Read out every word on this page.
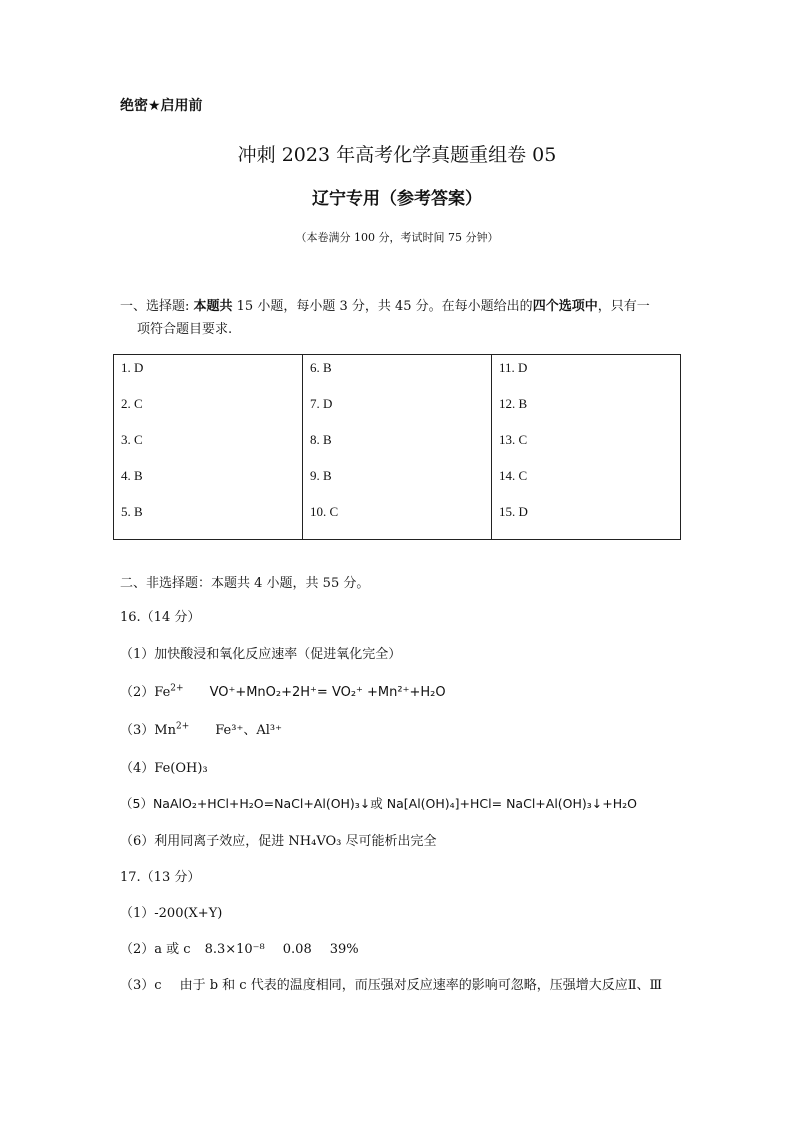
绝密★启用前
冲刺 2023 年高考化学真题重组卷 05
辽宁专用（参考答案）
（本卷满分 100 分，考试时间 75 分钟）
一、选择题: 本题共 15 小题，每小题 3 分，共 45 分。在每小题给出的四个选项中，只有一
项符合题目要求.
1. D
2. C
3. C
4. B
5. B

6. B
7. D
8. B
9. B
10. C

11. D
12. B
13. C
14. C
15. D
二、非选择题：本题共 4 小题，共 55 分。
16.（14 分）
（1）加快酸浸和氧化反应速率（促进氧化完全）
$(2)Fe^{2+}$ VO⁺+MnO₂+2H⁺= VO₂⁺ +Mn²⁺+H₂O
$(3)Mn^{2+}$ Fe³⁺、Al³⁺
（4）Fe(OH)₃
（5）NaAlO₂+HCl+H₂O=NaCl+Al(OH)₃↓或 Na[Al(OH)₄]+HCl= NaCl+Al(OH)₃↓+H₂O
（6）利用同离子效应，促进 NH₄VO₃ 尽可能析出完全
17.（13 分）
（1）-200(X+Y)
（2）a 或 c 8.3×10⁻⁸ 0.08 39%
（3）c 由于 b 和 c 代表的温度相同，而压强对反应速率的影响可忽略，压强增大反应Ⅱ、Ⅲ
